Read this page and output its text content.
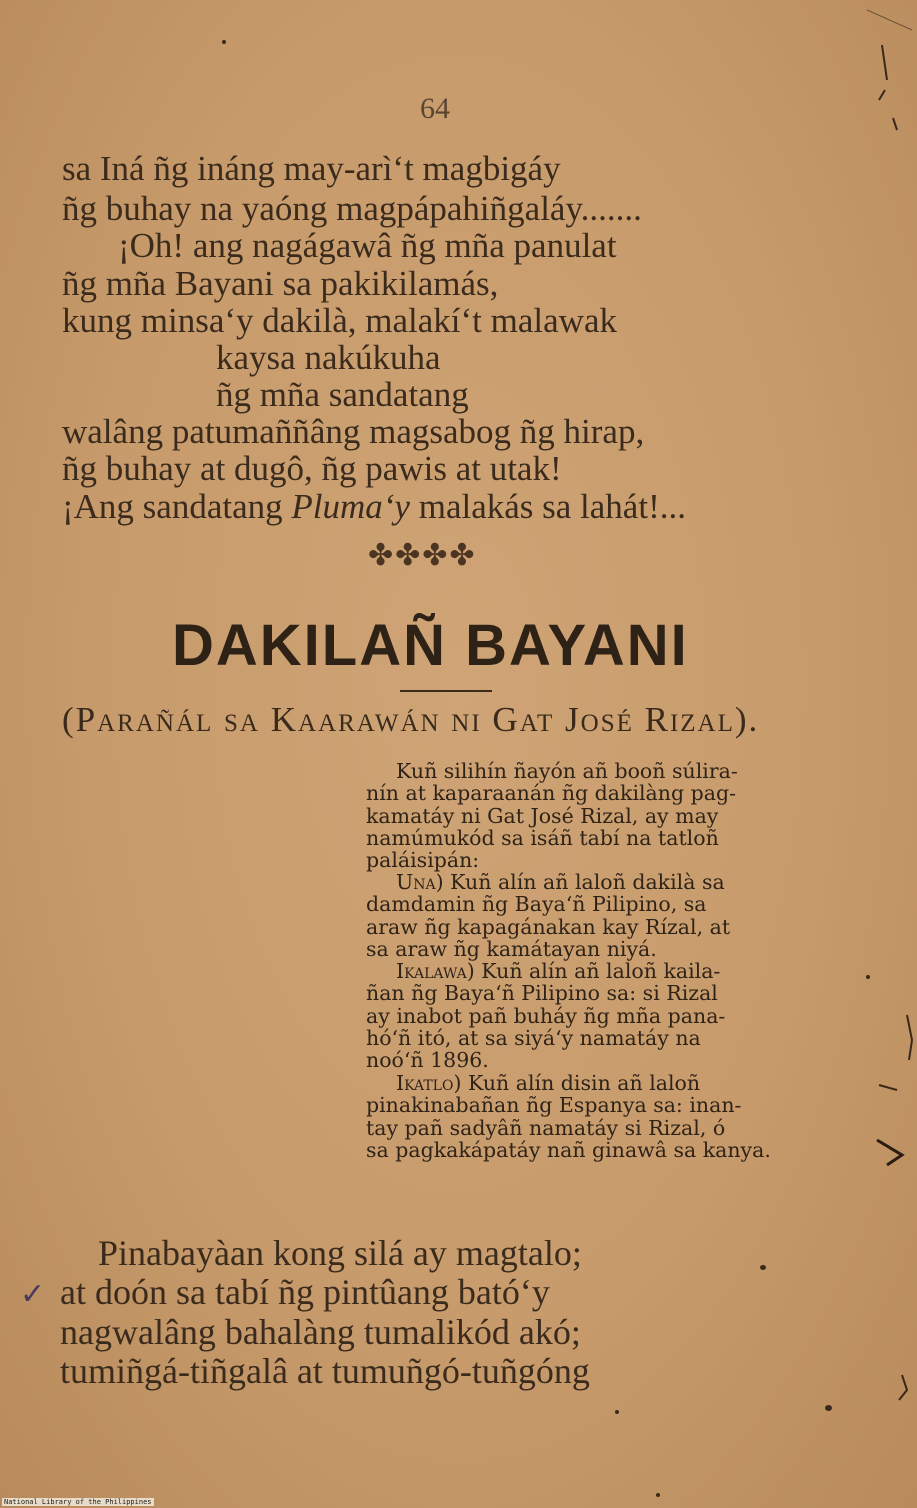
64
sa Iná ñg ináng may-arì‘t magbigáy
ñg buhay na yaóng magpápahiñgaláy.......
¡Oh! ang nagágawâ ñg mña panulat
ñg mña Bayani sa pakikilamás,
kung minsa‘y dakilà, malakí‘t malawak
kaysa nakúkuha
ñg mña sandatang
walâng patumaññâng magsabog ñg hirap,
ñg buhay at dugô, ñg pawis at utak!
¡Ang sandatang Pluma‘y malakás sa lahát!...
✤✤✤✤
DAKILAÑ BAYANI
(Parañál sa Kaarawán ni Gat José Rizal).
Kuñ silihín ñayón añ booñ súlira-
nín at kaparaanán ñg dakilàng pag-
kamatáy ni Gat José Rizal, ay may
namúmukód sa isáñ tabí na tatloñ
paláisipán:
Una) Kuñ alín añ laloñ dakilà sa
damdamin ñg Baya‘ñ Pilipino, sa
araw ñg kapagánakan kay Rízal, at
sa araw ñg kamátayan niyá.
Ikalawa) Kuñ alín añ laloñ kaila-
ñan ñg Baya‘ñ Pilipino sa: si Rizal
ay inabot pañ buháy ñg mña pana-
hó‘ñ itó, at sa siyá‘y namatáy na
noó‘ñ 1896.
Ikatlo) Kuñ alín disin añ laloñ
pinakinabañan ñg Espanya sa: inan-
tay pañ sadyâñ namatáy si Rizal, ó
sa pagkakápatáy nañ ginawâ sa kanya.
✓
Pinabayàan kong silá ay magtalo;
at doón sa tabí ñg pintûang bató‘y
nagwalâng bahalàng tumalikód akó;
tumiñgá-tiñgalâ at tumuñgó-tuñgóng
National Library of the Philippines
